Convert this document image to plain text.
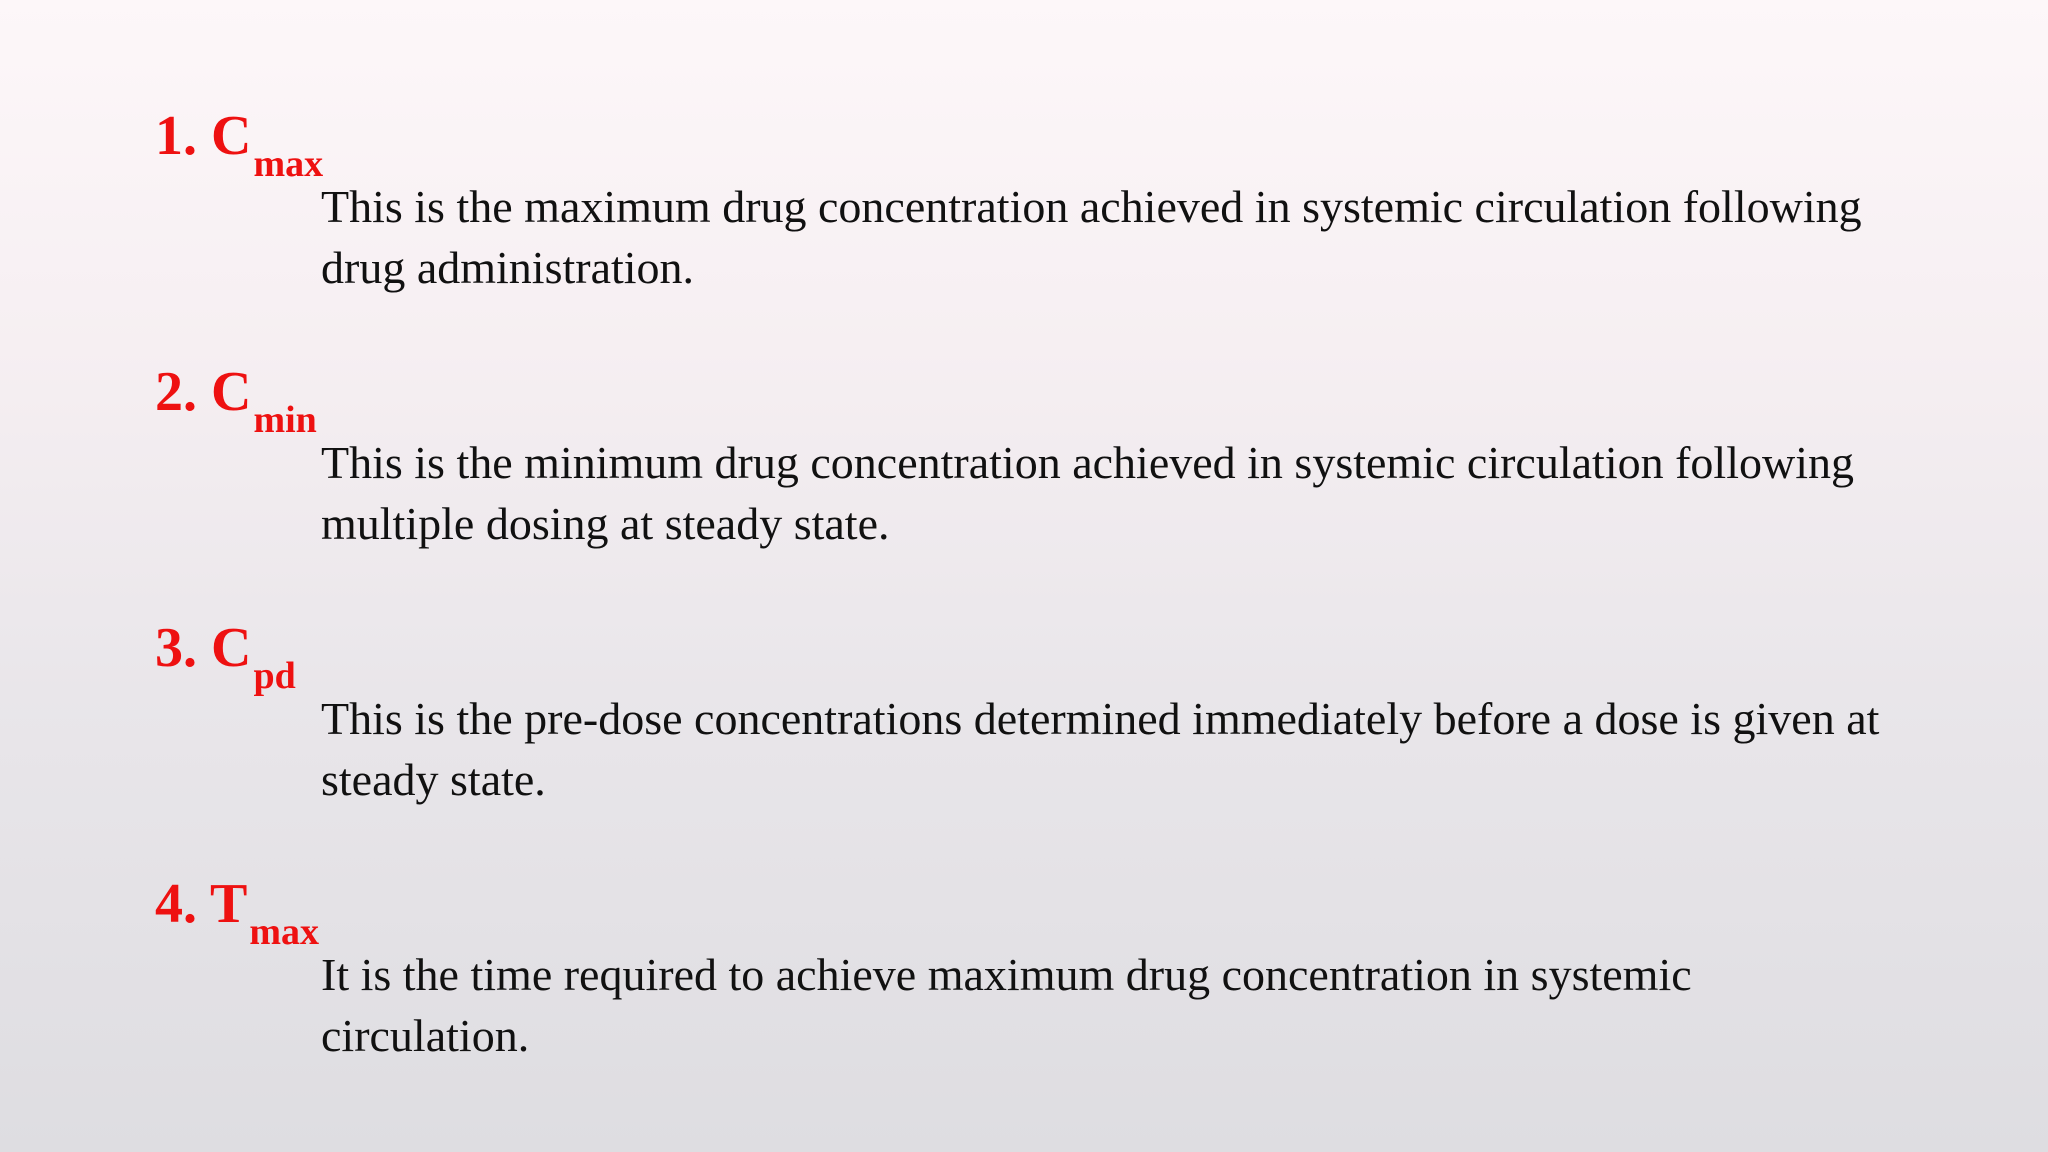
1. $C_{max}$

This is the maximum drug concentration achieved in systemic circulation following drug administration.

2. $C_{min}$

This is the minimum drug concentration achieved in systemic circulation following multiple dosing at steady state.

3. $C_{pd}$

This is the pre-dose concentrations determined immediately before a dose is given at steady state.

4. $T_{max}$

It is the time required to achieve maximum drug concentration in systemic circulation.
